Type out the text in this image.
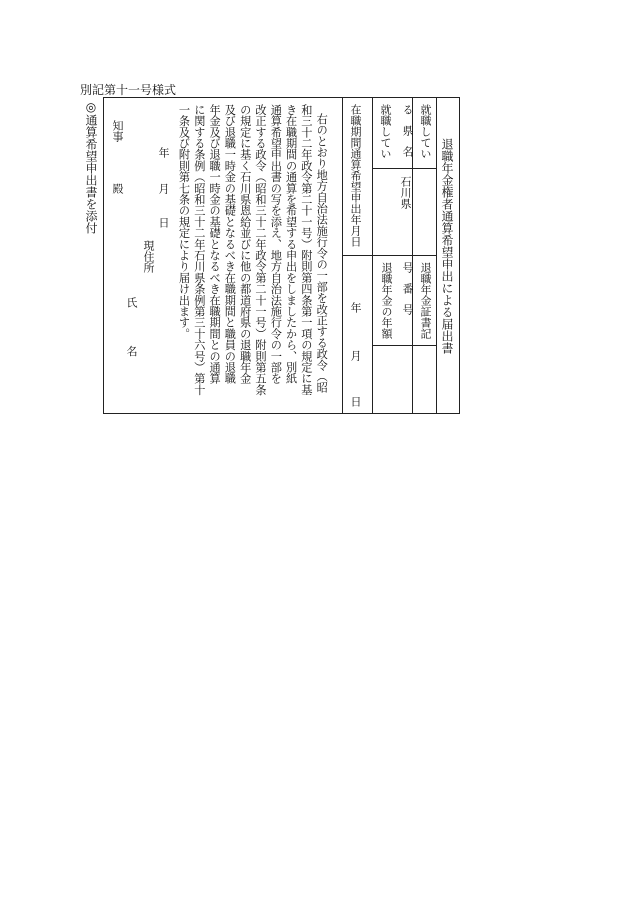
別記第十一号様式
退職年金権者通算希望申出による届出書
就職してい
る県名
石川県
退職年金証書記
号番号
退職年金の年額
在職期間通算希望申出年月日
年
月
日
就職してい
右のとおり地方自治法施行令の一部を改正する政令（昭
和三十二年政令第二十一号）附則第四条第一項の規定に基
き在職期間の通算を希望する申出をしましたから、別紙
通算希望申出書の写を添え、地方自治法施行令の一部を
改正する政令（昭和三十二年政令第二十一号）附則第五条
の規定に基く石川県恩給並びに他の都道府県の退職年金
及び退職一時金の基礎となるべき在職期間と職員の退職
年金及び退職一時金の基礎となるべき在職期間との通算
に関する条例（昭和三十二年石川県条例第三十六号）第十
一条及び附則第七条の規定により届け出ます。
年
月
日
現住所
氏名
知事
殿
◎通算希望申出書を添付
